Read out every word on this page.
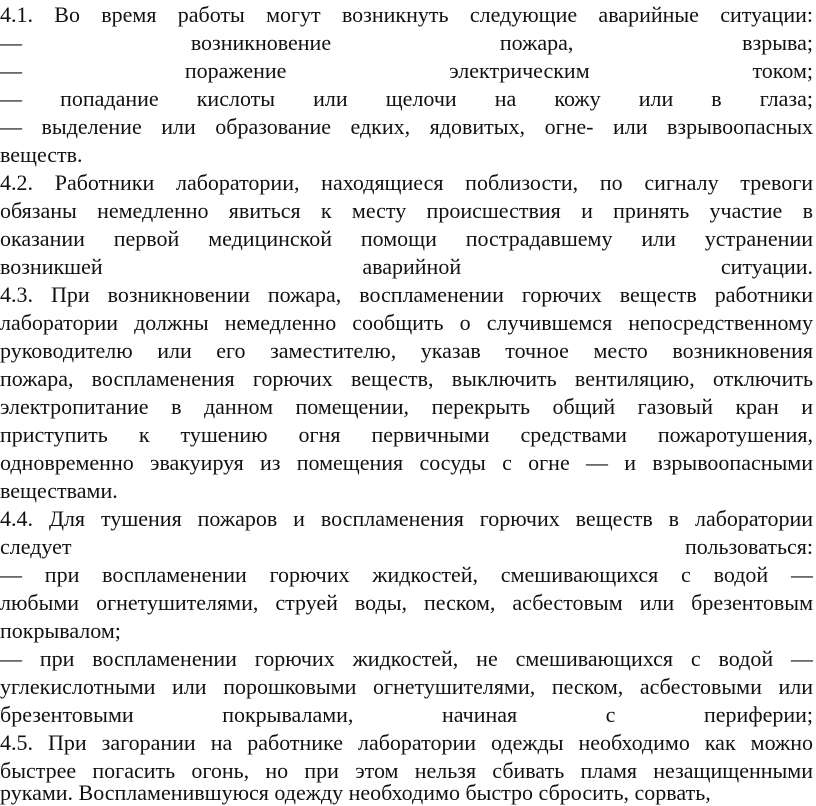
4.1. Во время работы могут возникнуть следующие аварийные ситуации:
— возникновение пожара, взрыва;
— поражение электрическим током;
— попадание кислоты или щелочи на кожу или в глаза;
— выделение или образование едких, ядовитых, огне- или взрывоопасных
веществ.
4.2. Работники лаборатории, находящиеся поблизости, по сигналу тревоги
обязаны немедленно явиться к месту происшествия и принять участие в
оказании первой медицинской помощи пострадавшему или устранении
возникшей аварийной ситуации.
4.3. При возникновении пожара, воспламенении горючих веществ работники
лаборатории должны немедленно сообщить о случившемся непосредственному
руководителю или его заместителю, указав точное место возникновения
пожара, воспламенения горючих веществ, выключить вентиляцию, отключить
электропитание в данном помещении, перекрыть общий газовый кран и
приступить к тушению огня первичными средствами пожаротушения,
одновременно эвакуируя из помещения сосуды с огне — и взрывоопасными
веществами.
4.4. Для тушения пожаров и воспламенения горючих веществ в лаборатории
следует пользоваться:
— при воспламенении горючих жидкостей, смешивающихся с водой —
любыми огнетушителями, струей воды, песком, асбестовым или брезентовым
покрывалом;
— при воспламенении горючих жидкостей, не смешивающихся с водой —
углекислотными или порошковыми огнетушителями, песком, асбестовыми или
брезентовыми покрывалами, начиная с периферии;
4.5. При загорании на работнике лаборатории одежды необходимо как можно
быстрее погасить огонь, но при этом нельзя сбивать пламя незащищенными
руками. Воспламенившуюся одежду необходимо быстро сбросить, сорвать,
